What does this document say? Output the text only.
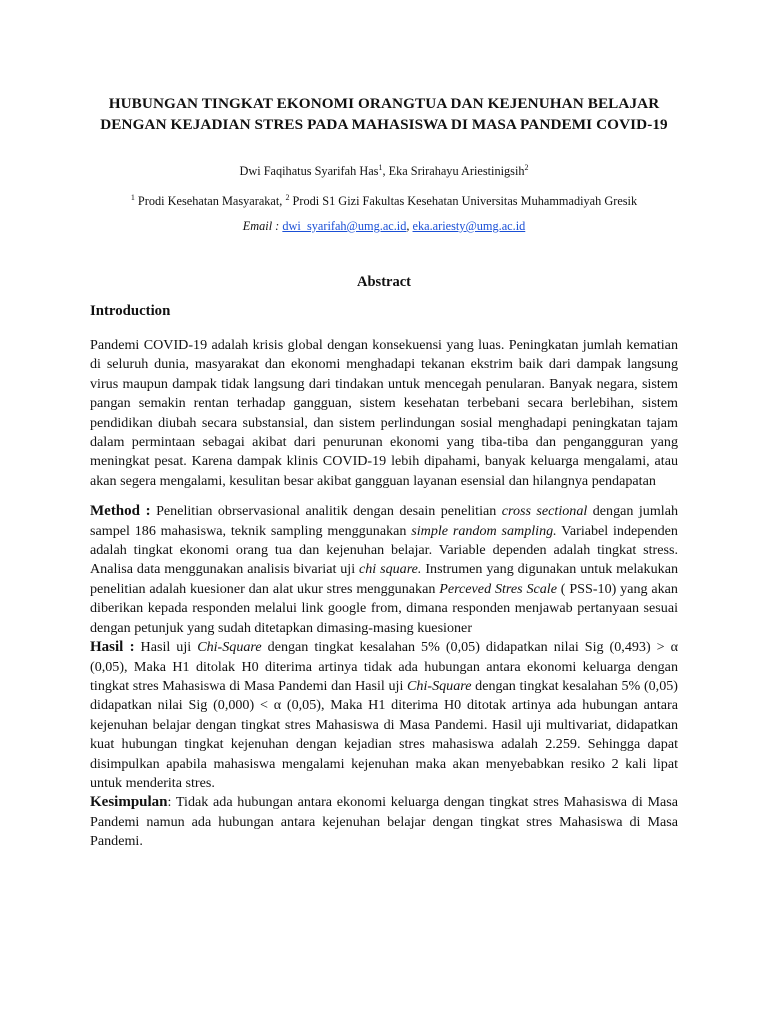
HUBUNGAN TINGKAT EKONOMI ORANGTUA DAN KEJENUHAN BELAJAR
DENGAN KEJADIAN STRES PADA MAHASISWA DI MASA PANDEMI COVID-19
Dwi Faqihatus Syarifah Has$^1$, Eka Srirahayu Ariestinigsih$^2$
$^1$ Prodi Kesehatan Masyarakat, $^2$ Prodi S1 Gizi Fakultas Kesehatan Universitas Muhammadiyah Gresik
Email : dwi_syarifah@umg.ac.id, eka.ariesty@umg.ac.id
Abstract
Introduction

Pandemi COVID-19 adalah krisis global dengan konsekuensi yang luas. Peningkatan jumlah kematian di seluruh dunia, masyarakat dan ekonomi menghadapi tekanan ekstrim baik dari dampak langsung virus maupun dampak tidak langsung dari tindakan untuk mencegah penularan. Banyak negara, sistem pangan semakin rentan terhadap gangguan, sistem kesehatan terbebani secara berlebihan, sistem pendidikan diubah secara substansial, dan sistem perlindungan sosial menghadapi peningkatan tajam dalam permintaan sebagai akibat dari penurunan ekonomi yang tiba-tiba dan pengangguran yang meningkat pesat. Karena dampak klinis COVID-19 lebih dipahami, banyak keluarga mengalami, atau akan segera mengalami, kesulitan besar akibat gangguan layanan esensial dan hilangnya pendapatan

Method : Penelitian obrservasional analitik dengan desain penelitian cross sectional dengan jumlah sampel 186 mahasiswa, teknik sampling menggunakan simple random sampling. Variabel independen adalah tingkat ekonomi orang tua dan kejenuhan belajar. Variable dependen adalah tingkat stress. Analisa data menggunakan analisis bivariat uji chi square. Instrumen yang digunakan untuk melakukan penelitian adalah kuesioner dan alat ukur stres menggunakan Perceved Stres Scale ( PSS-10) yang akan diberikan kepada responden melalui link google from, dimana responden menjawab pertanyaan sesuai dengan petunjuk yang sudah ditetapkan dimasing-masing kuesioner

Hasil : Hasil uji Chi-Square dengan tingkat kesalahan 5% (0,05) didapatkan nilai Sig (0,493) > α (0,05), Maka H1 ditolak H0 diterima artinya tidak ada hubungan antara ekonomi keluarga dengan tingkat stres Mahasiswa di Masa Pandemi dan Hasil uji Chi-Square dengan tingkat kesalahan 5% (0,05) didapatkan nilai Sig (0,000) < α (0,05), Maka H1 diterima H0 ditotak artinya ada hubungan antara kejenuhan belajar dengan tingkat stres Mahasiswa di Masa Pandemi. Hasil uji multivariat, didapatkan kuat hubungan tingkat kejenuhan dengan kejadian stres mahasiswa adalah 2.259. Sehingga dapat disimpulkan apabila mahasiswa mengalami kejenuhan maka akan menyebabkan resiko 2 kali lipat untuk menderita stres.

Kesimpulan: Tidak ada hubungan antara ekonomi keluarga dengan tingkat stres Mahasiswa di Masa Pandemi namun ada hubungan antara kejenuhan belajar dengan tingkat stres Mahasiswa di Masa Pandemi.
